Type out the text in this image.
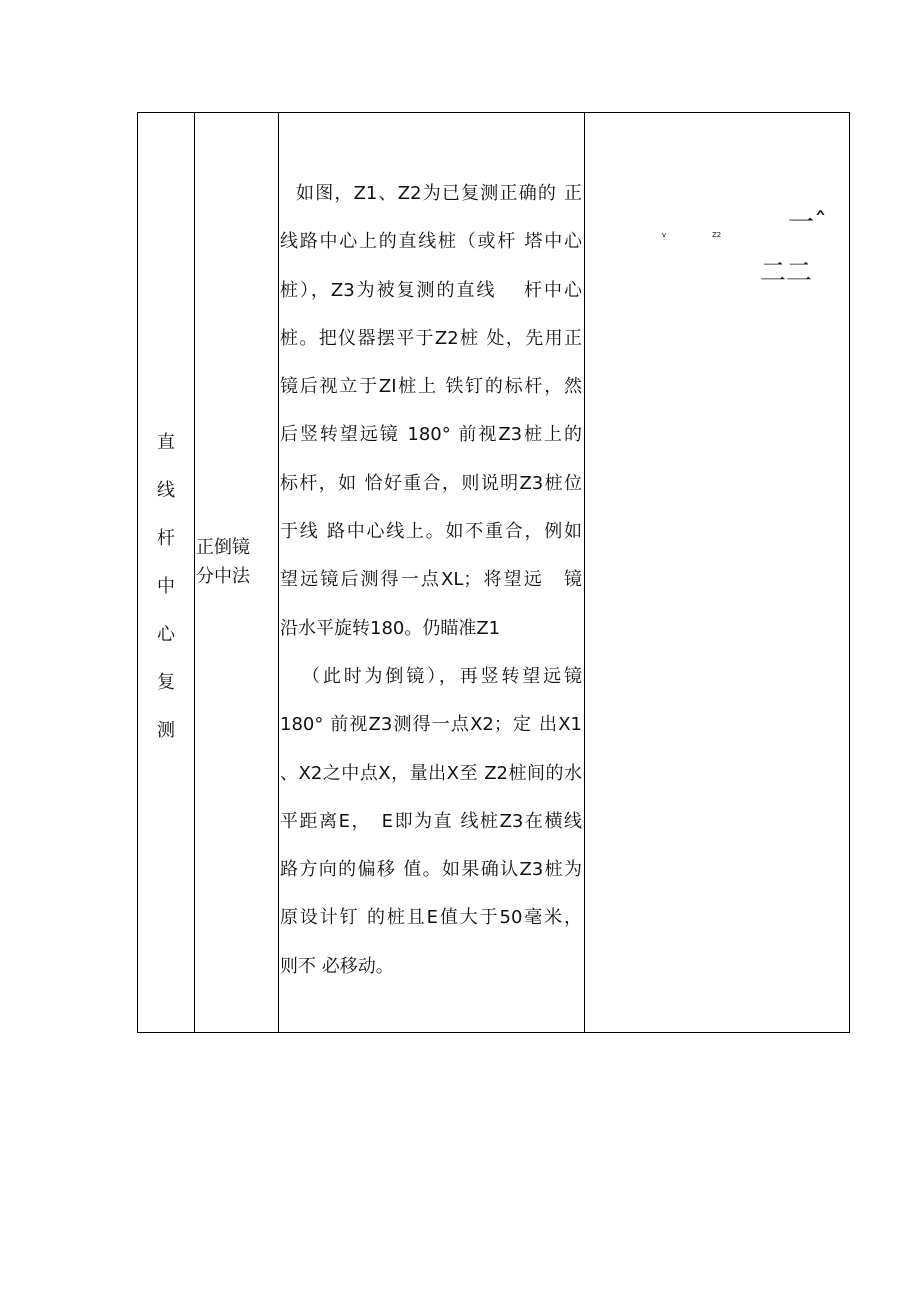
直
线
杆
中
心
复
测
正倒镜
分中法
如图，Z1、Z2为已复测正确的 正
线路中心上的直线桩（或杆 塔中心
桩），Z3为被复测的直线　 杆中心
桩。把仪器摆平于Z2桩 处，先用正
镜后视立于ZI桩上 铁钉的标杆，然
后竖转望远镜 180° 前视Z3桩上的
标杆，如 恰好重合，则说明Z3桩位
于线 路中心线上。如不重合，例如
望远镜后测得一点XL；将望远　镜
沿水平旋转180。仍瞄准Z1
（此时为倒镜），再竖转望远镜
180° 前视Z3测得一点X2；定 出X1
、X2之中点X，量出X至 Z2桩间的水
平距离E，　E即为直 线桩Z3在横线
路方向的偏移 值。如果确认Z3桩为
原设计钉 的桩且E值大于50毫米，
则不 必移动。
v	Z2	一ˆ
二二
